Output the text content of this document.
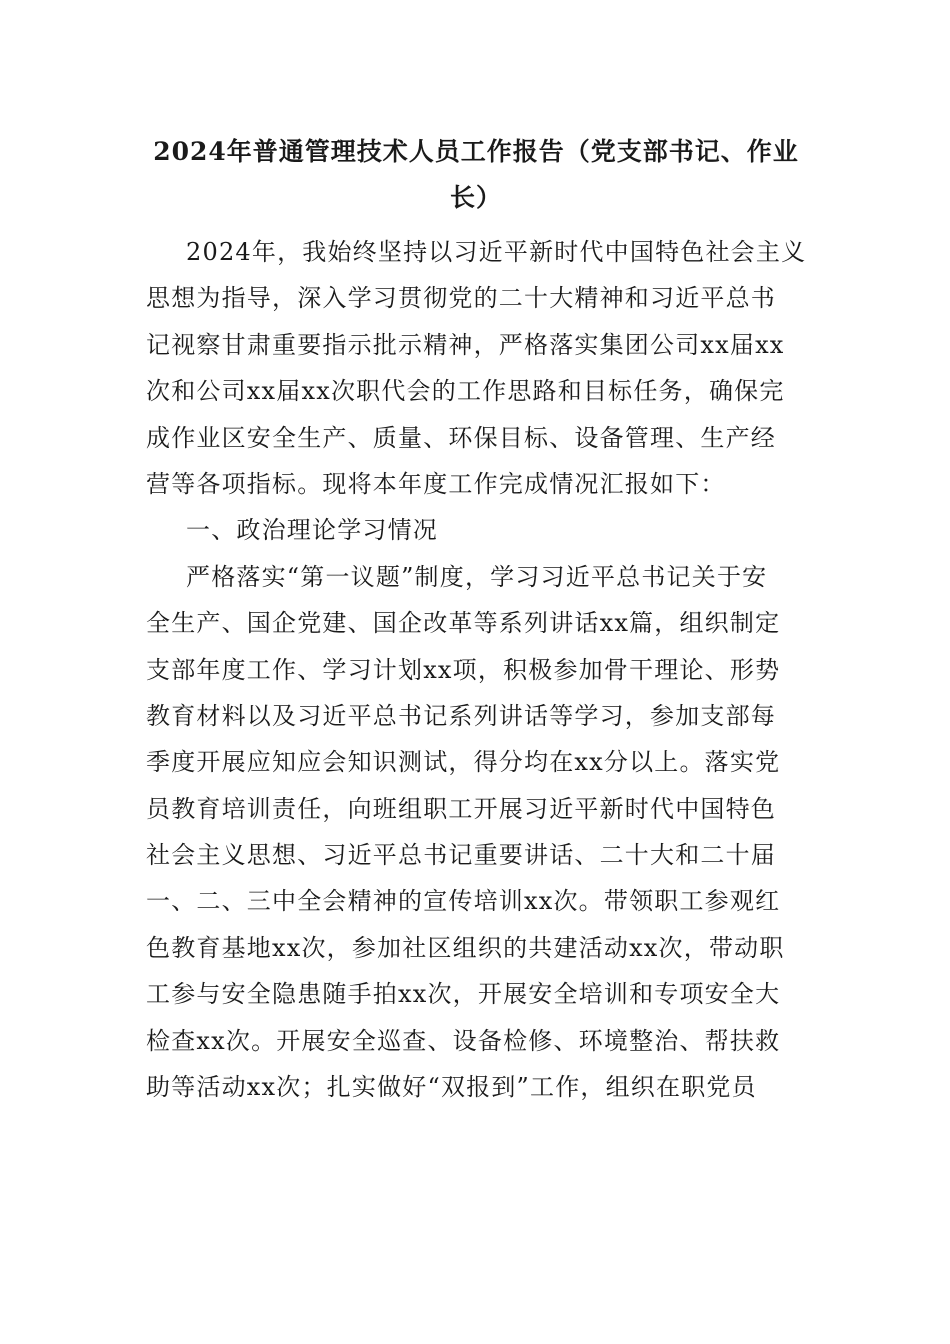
2024年普通管理技术人员工作报告（党支部书记、作业
长）
2024年，我始终坚持以习近平新时代中国特色社会主义
思想为指导，深入学习贯彻党的二十大精神和习近平总书
记视察甘肃重要指示批示精神，严格落实集团公司xx届xx
次和公司xx届xx次职代会的工作思路和目标任务，确保完
成作业区安全生产、质量、环保目标、设备管理、生产经
营等各项指标。现将本年度工作完成情况汇报如下：
一、政治理论学习情况
严格落实“第一议题”制度，学习习近平总书记关于安
全生产、国企党建、国企改革等系列讲话xx篇，组织制定
支部年度工作、学习计划xx项，积极参加骨干理论、形势
教育材料以及习近平总书记系列讲话等学习，参加支部每
季度开展应知应会知识测试，得分均在xx分以上。落实党
员教育培训责任，向班组职工开展习近平新时代中国特色
社会主义思想、习近平总书记重要讲话、二十大和二十届
一、二、三中全会精神的宣传培训xx次。带领职工参观红
色教育基地xx次，参加社区组织的共建活动xx次，带动职
工参与安全隐患随手拍xx次，开展安全培训和专项安全大
检查xx次。开展安全巡查、设备检修、环境整治、帮扶救
助等活动xx次；扎实做好“双报到”工作，组织在职党员
